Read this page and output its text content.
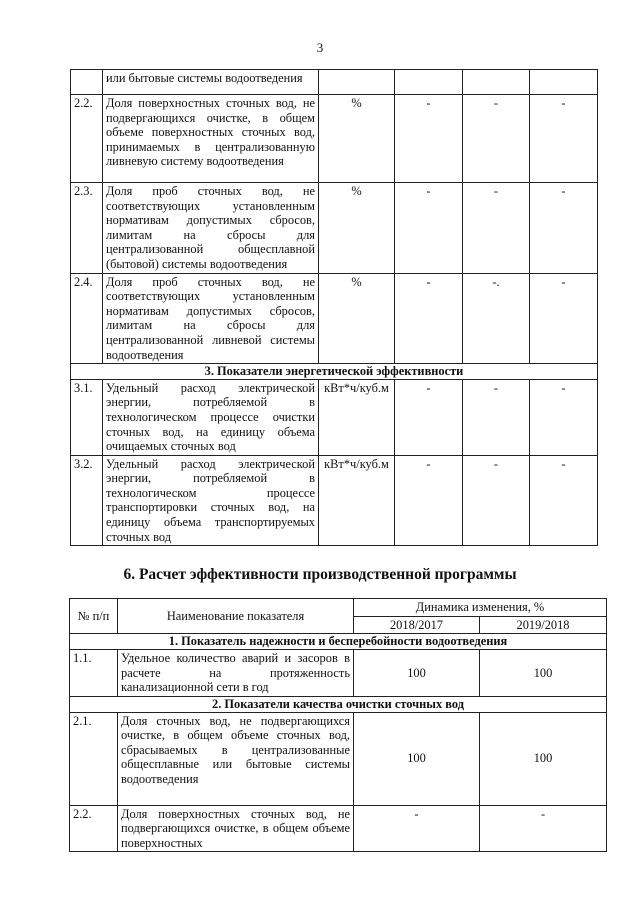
3
	или бытовые системы водоотведения				
2.2.	Доля поверхностных сточных вод, не подвергающихся очистке, в общем объеме поверхностных сточных вод, принимаемых в централизованную ливневую систему водоотведения	%	-	-	-
2.3.	Доля проб сточных вод, не соответствующих установленным нормативам допустимых сбросов, лимитам на сбросы для централизованной общесплавной (бытовой) системы водоотведения	%	-	-	-
2.4.	Доля проб сточных вод, не соответствующих установленным нормативам допустимых сбросов, лимитам на сбросы для централизованной ливневой системы водоотведения	%	-	-.	-
3. Показатели энергетической эффективности					
3.1.	Удельный расход электрической энергии, потребляемой в технологическом процессе очистки сточных вод, на единицу объема очищаемых сточных вод	кВт*ч/куб.м	-	-	-
3.2.	Удельный расход электрической энергии, потребляемой в технологическом процессе транспортировки сточных вод, на единицу объема транспортируемых сточных вод	кВт*ч/куб.м	-	-	-
6. Расчет эффективности производственной программы
№ п/п	Наименование показателя	Динамика изменения, %	
		2018/2017	2019/2018
1. Показатель надежности и бесперебойности водоотведения			
1.1.	Удельное количество аварий и засоров в расчете на протяженность канализационной сети в год	100	100
2. Показатели качества очистки сточных вод			
2.1.	Доля сточных вод, не подвергающихся очистке, в общем объеме сточных вод, сбрасываемых в централизованные общесплавные или бытовые системы водоотведения	100	100
2.2.	Доля поверхностных сточных вод, не подвергающихся очистке, в общем объеме поверхностных	-	-
